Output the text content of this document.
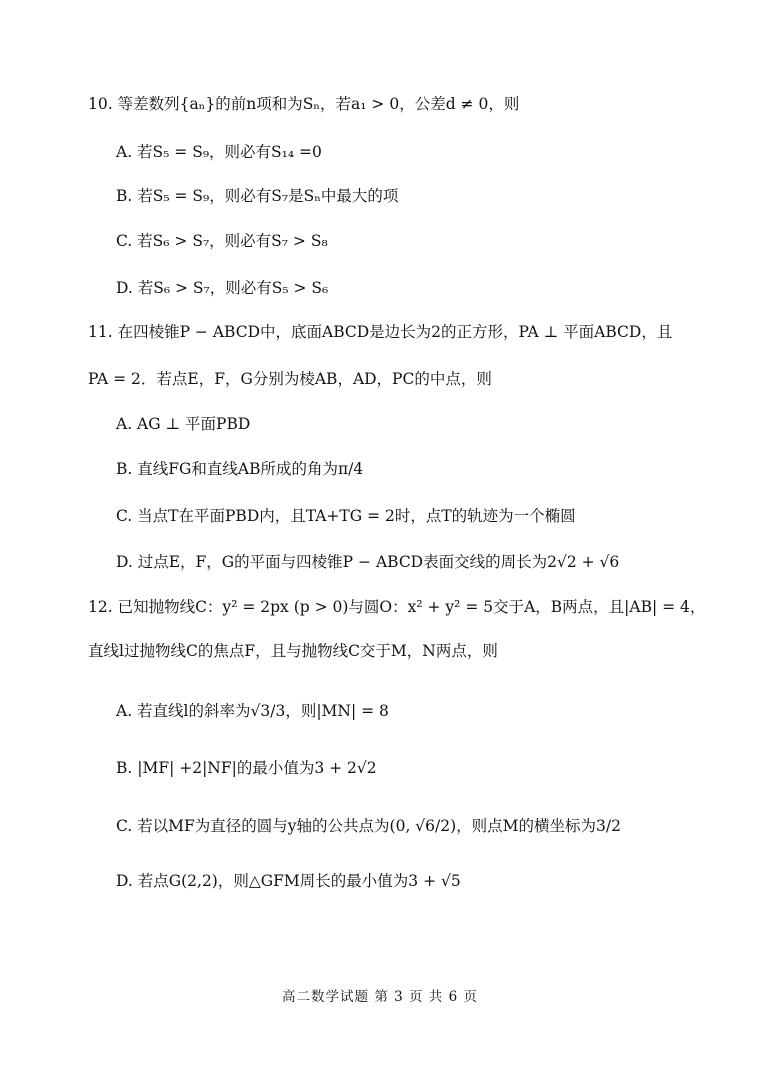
10. 等差数列{aₙ}的前n项和为Sₙ，若a₁ > 0，公差d ≠ 0，则
A. 若S₅ = S₉，则必有S₁₄ =0
B. 若S₅ = S₉，则必有S₇是Sₙ中最大的项
C. 若S₆ > S₇，则必有S₇ > S₈
D. 若S₆ > S₇，则必有S₅ > S₆
11. 在四棱锥P − ABCD中，底面ABCD是边长为2的正方形，PA ⊥ 平面ABCD，且
PA = 2．若点E，F，G分别为棱AB，AD，PC的中点，则
A. AG ⊥ 平面PBD
B. 直线FG和直线AB所成的角为π/4
C. 当点T在平面PBD内，且TA+TG = 2时，点T的轨迹为一个椭圆
D. 过点E，F，G的平面与四棱锥P − ABCD表面交线的周长为2√2 + √6
12. 已知抛物线C：y² = 2px (p > 0)与圆O：x² + y² = 5交于A，B两点，且|AB| = 4，
直线l过抛物线C的焦点F，且与抛物线C交于M，N两点，则
A. 若直线l的斜率为√3/3，则|MN| = 8
B. |MF| +2|NF|的最小值为3 + 2√2
C. 若以MF为直径的圆与y轴的公共点为(0, √6/2)，则点M的横坐标为3/2
D. 若点G(2,2)，则△GFM周长的最小值为3 + √5
高二数学试题 第 3 页 共 6 页
